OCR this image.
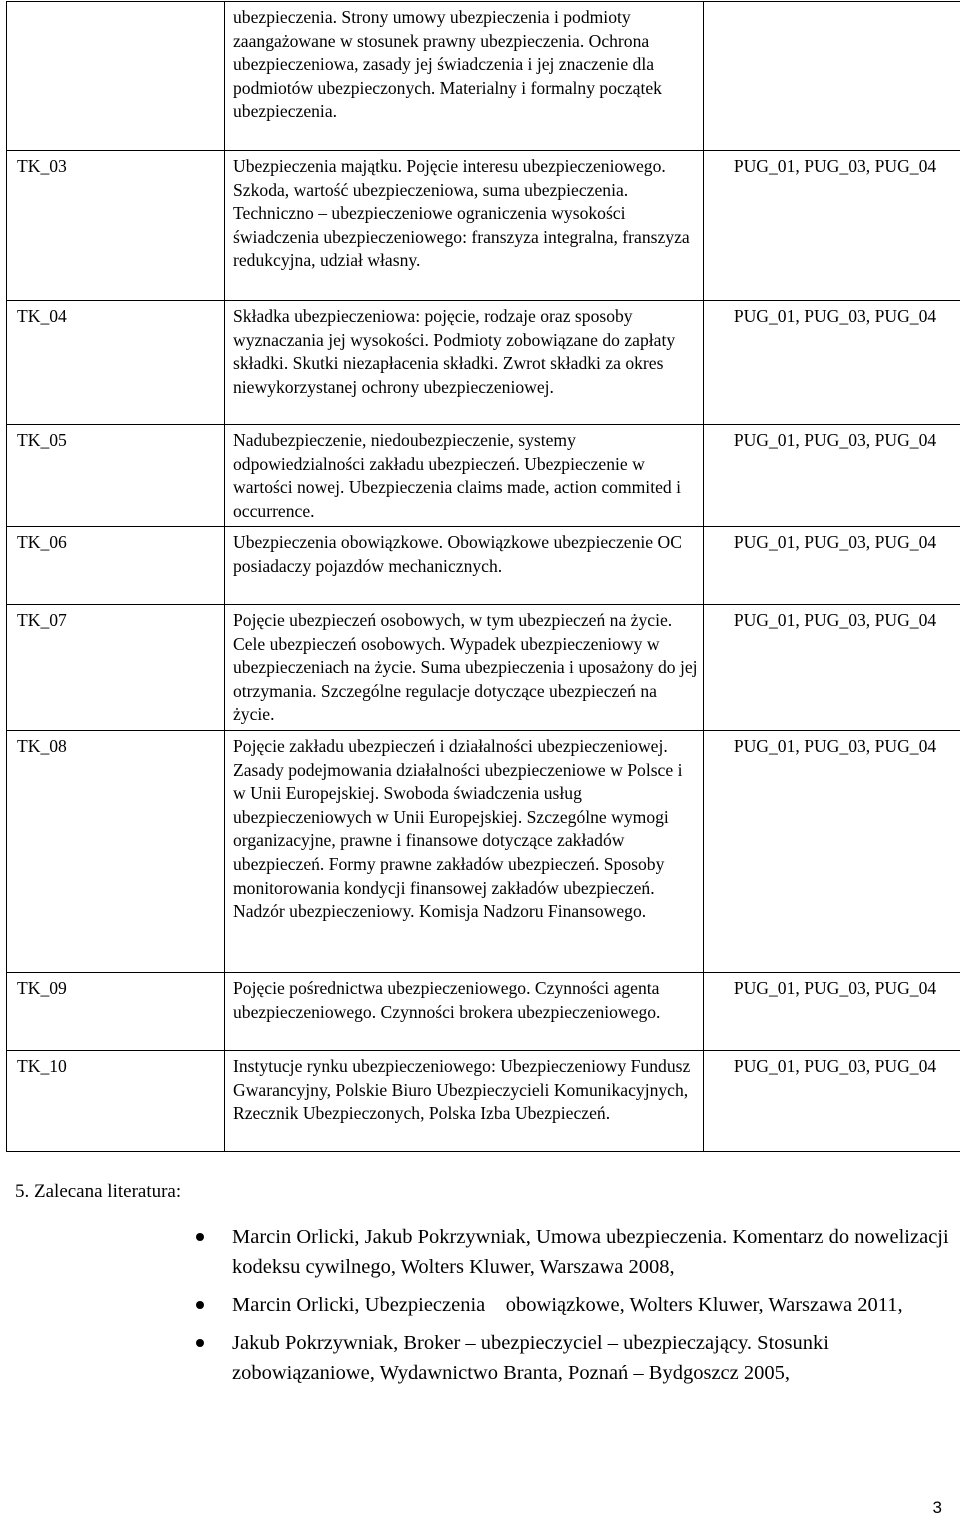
	ubezpieczenia. Strony umowy ubezpieczenia i podmioty zaangażowane w stosunek prawny ubezpieczenia. Ochrona ubezpieczeniowa, zasady jej świadczenia i jej znaczenie dla podmiotów ubezpieczonych. Materialny i formalny początek ubezpieczenia.	
TK_03	Ubezpieczenia majątku. Pojęcie interesu ubezpieczeniowego. Szkoda, wartość ubezpieczeniowa, suma ubezpieczenia. Techniczno – ubezpieczeniowe ograniczenia wysokości świadczenia ubezpieczeniowego: franszyza integralna, franszyza redukcyjna, udział własny.	PUG_01, PUG_03, PUG_04
TK_04	Składka ubezpieczeniowa: pojęcie, rodzaje oraz sposoby wyznaczania jej wysokości. Podmioty zobowiązane do zapłaty składki. Skutki niezapłacenia składki. Zwrot składki za okres niewykorzystanej ochrony ubezpieczeniowej.	PUG_01, PUG_03, PUG_04
TK_05	Nadubezpieczenie, niedoubezpieczenie, systemy odpowiedzialności zakładu ubezpieczeń. Ubezpieczenie w wartości nowej. Ubezpieczenia claims made, action commited i occurrence.	PUG_01, PUG_03, PUG_04
TK_06	Ubezpieczenia obowiązkowe. Obowiązkowe ubezpieczenie OC posiadaczy pojazdów mechanicznych.	PUG_01, PUG_03, PUG_04
TK_07	Pojęcie ubezpieczeń osobowych, w tym ubezpieczeń na życie. Cele ubezpieczeń osobowych. Wypadek ubezpieczeniowy w ubezpieczeniach na życie. Suma ubezpieczenia i uposażony do jej otrzymania. Szczególne regulacje dotyczące ubezpieczeń na życie.	PUG_01, PUG_03, PUG_04
TK_08	Pojęcie zakładu ubezpieczeń i działalności ubezpieczeniowej. Zasady podejmowania działalności ubezpieczeniowe w Polsce i w Unii Europejskiej. Swoboda świadczenia usług ubezpieczeniowych w Unii Europejskiej. Szczególne wymogi organizacyjne, prawne i finansowe dotyczące zakładów ubezpieczeń. Formy prawne zakładów ubezpieczeń. Sposoby monitorowania kondycji finansowej zakładów ubezpieczeń. Nadzór ubezpieczeniowy. Komisja Nadzoru Finansowego.	PUG_01, PUG_03, PUG_04
TK_09	Pojęcie pośrednictwa ubezpieczeniowego. Czynności agenta ubezpieczeniowego. Czynności brokera ubezpieczeniowego.	PUG_01, PUG_03, PUG_04
TK_10	Instytucje rynku ubezpieczeniowego: Ubezpieczeniowy Fundusz Gwarancyjny, Polskie Biuro Ubezpieczycieli Komunikacyjnych, Rzecznik Ubezpieczonych, Polska Izba Ubezpieczeń.	PUG_01, PUG_03, PUG_04
5. Zalecana literatura:
Marcin Orlicki, Jakub Pokrzywniak, Umowa ubezpieczenia. Komentarz do nowelizacji kodeksu cywilnego, Wolters Kluwer, Warszawa 2008,
Marcin Orlicki, Ubezpieczenia    obowiązkowe, Wolters Kluwer, Warszawa 2011,
Jakub Pokrzywniak, Broker – ubezpieczyciel – ubezpieczający. Stosunki zobowiązaniowe, Wydawnictwo Branta, Poznań – Bydgoszcz 2005,
3
